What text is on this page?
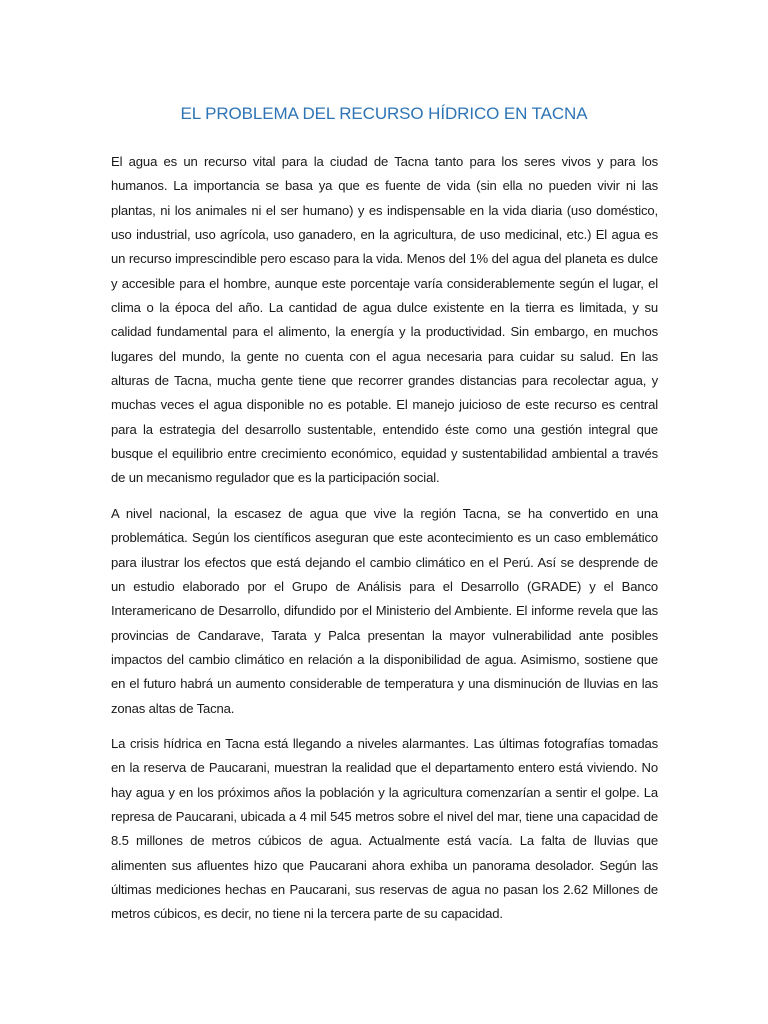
EL PROBLEMA DEL RECURSO HÍDRICO EN TACNA

El agua es un recurso vital para la ciudad de Tacna tanto para los seres vivos y para los humanos. La importancia se basa ya que es fuente de vida (sin ella no pueden vivir ni las plantas, ni los animales ni el ser humano) y es indispensable en la vida diaria (uso doméstico, uso industrial, uso agrícola, uso ganadero, en la agricultura, de uso medicinal, etc.) El agua es un recurso imprescindible pero escaso para la vida. Menos del 1% del agua del planeta es dulce y accesible para el hombre, aunque este porcentaje varía considerablemente según el lugar, el clima o la época del año. La cantidad de agua dulce existente en la tierra es limitada, y su calidad fundamental para el alimento, la energía y la productividad. Sin embargo, en muchos lugares del mundo, la gente no cuenta con el agua necesaria para cuidar su salud. En las alturas de Tacna, mucha gente tiene que recorrer grandes distancias para recolectar agua, y muchas veces el agua disponible no es potable. El manejo juicioso de este recurso es central para la estrategia del desarrollo sustentable, entendido éste como una gestión integral que busque el equilibrio entre crecimiento económico, equidad y sustentabilidad ambiental a través de un mecanismo regulador que es la participación social.

A nivel nacional, la escasez de agua que vive la región Tacna, se ha convertido en una problemática. Según los científicos aseguran que este acontecimiento es un caso emblemático para ilustrar los efectos que está dejando el cambio climático en el Perú. Así se desprende de un estudio elaborado por el Grupo de Análisis para el Desarrollo (GRADE) y el Banco Interamericano de Desarrollo, difundido por el Ministerio del Ambiente. El informe revela que las provincias de Candarave, Tarata y Palca presentan la mayor vulnerabilidad ante posibles impactos del cambio climático en relación a la disponibilidad de agua. Asimismo, sostiene que en el futuro habrá un aumento considerable de temperatura y una disminución de lluvias en las zonas altas de Tacna.

La crisis hídrica en Tacna está llegando a niveles alarmantes. Las últimas fotografías tomadas en la reserva de Paucarani, muestran la realidad que el departamento entero está viviendo. No hay agua y en los próximos años la población y la agricultura comenzarían a sentir el golpe. La represa de Paucarani, ubicada a 4 mil 545 metros sobre el nivel del mar, tiene una capacidad de 8.5 millones de metros cúbicos de agua. Actualmente está vacía. La falta de lluvias que alimenten sus afluentes hizo que Paucarani ahora exhiba un panorama desolador. Según las últimas mediciones hechas en Paucarani, sus reservas de agua no pasan los 2.62 Millones de metros cúbicos, es decir, no tiene ni la tercera parte de su capacidad.
